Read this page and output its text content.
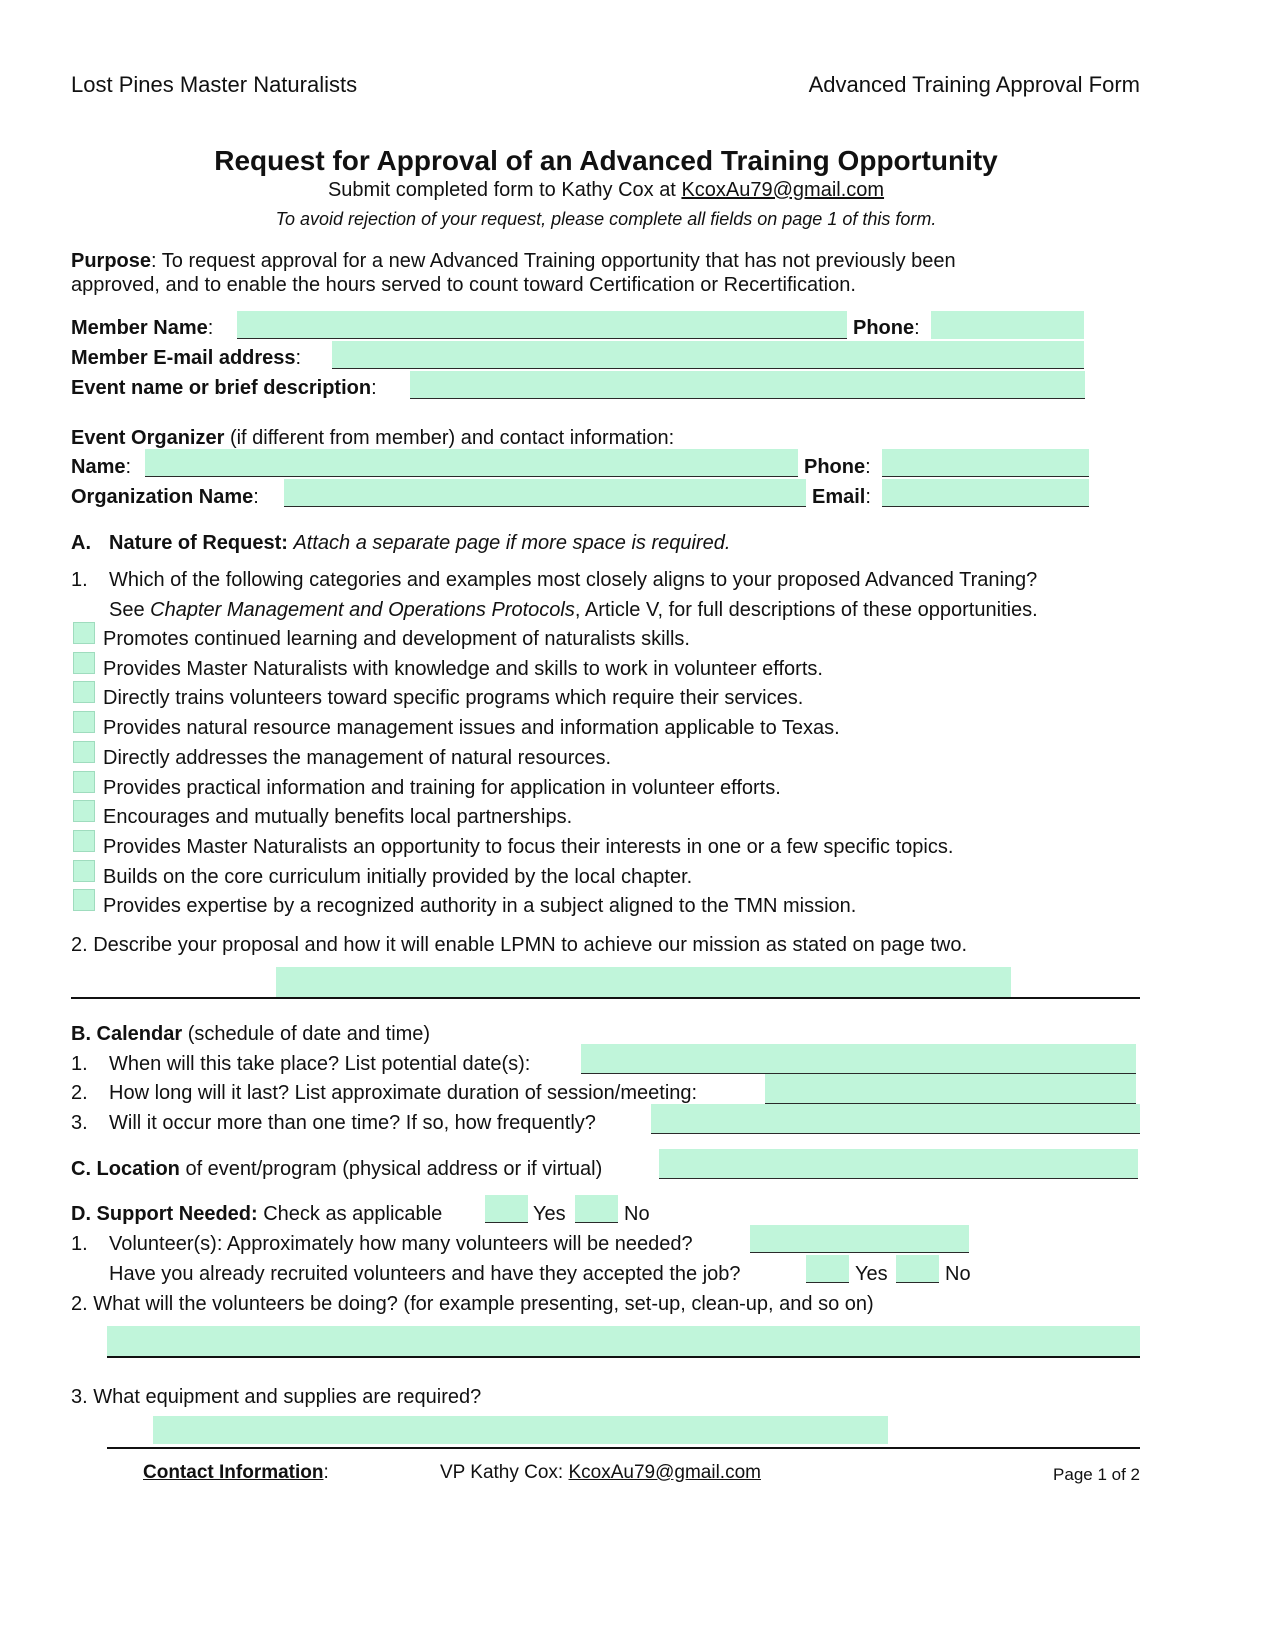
Lost Pines Master Naturalists	Advanced Training Approval Form
Request for Approval of an Advanced Training Opportunity
Submit completed form to Kathy Cox at KcoxAu79@gmail.com
To avoid rejection of your request, please complete all fields on page 1 of this form.
Purpose: To request approval for a new Advanced Training opportunity that has not previously been
approved, and to enable the hours served to count toward Certification or Recertification.
Member Name:	Phone:
Member E-mail address:
Event name or brief description:
Event Organizer (if different from member) and contact information:
Name:	Phone:
Organization Name:	Email:
A. Nature of Request: Attach a separate page if more space is required.
1. Which of the following categories and examples most closely aligns to your proposed Advanced Traning?
See Chapter Management and Operations Protocols, Article V, for full descriptions of these opportunities.
Promotes continued learning and development of naturalists skills.
Provides Master Naturalists with knowledge and skills to work in volunteer efforts.
Directly trains volunteers toward specific programs which require their services.
Provides natural resource management issues and information applicable to Texas.
Directly addresses the management of natural resources.
Provides practical information and training for application in volunteer efforts.
Encourages and mutually benefits local partnerships.
Provides Master Naturalists an opportunity to focus their interests in one or a few specific topics.
Builds on the core curriculum initially provided by the local chapter.
Provides expertise by a recognized authority in a subject aligned to the TMN mission.
2. Describe your proposal and how it will enable LPMN to achieve our mission as stated on page two.
B. Calendar (schedule of date and time)
1. When will this take place? List potential date(s):
2. How long will it last? List approximate duration of session/meeting:
3. Will it occur more than one time? If so, how frequently?
C. Location of event/program (physical address or if virtual)
D. Support Needed: Check as applicable	Yes	No
1. Volunteer(s): Approximately how many volunteers will be needed?
Have you already recruited volunteers and have they accepted the job?	Yes	No
2. What will the volunteers be doing? (for example presenting, set-up, clean-up, and so on)
3. What equipment and supplies are required?
Contact Information:	VP Kathy Cox: KcoxAu79@gmail.com	Page 1 of 2
